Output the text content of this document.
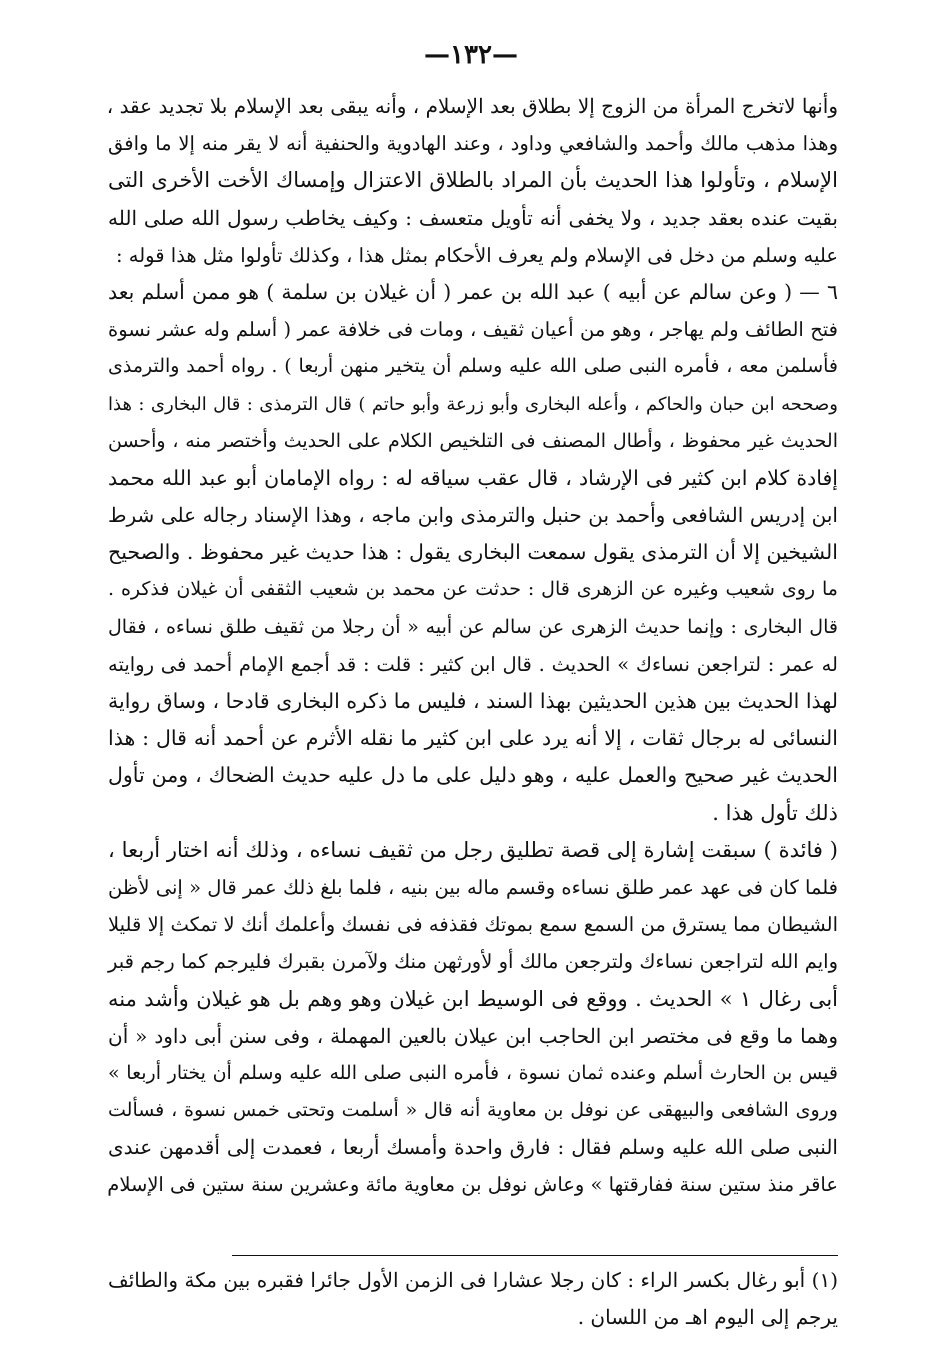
—١٣٢—
وأنها لاتخرج المرأة من الزوج إلا بطلاق بعد الإسلام ، وأنه يبقى بعد الإسلام بلا تجديد عقد ،
وهذا مذهب مالك وأحمد والشافعي وداود ، وعند الهادوية والحنفية أنه لا يقر منه إلا ما وافق
الإسلام ، وتأولوا هذا الحديث بأن المراد بالطلاق الاعتزال وإمساك الأخت الأخرى التى
بقيت عنده بعقد جديد ، ولا يخفى أنه تأويل متعسف : وكيف يخاطب رسول الله صلى الله
عليه وسلم من دخل فى الإسلام ولم يعرف الأحكام بمثل هذا ، وكذلك تأولوا مثل هذا قوله :
٦ — ( وعن سالم عن أبيه ) عبد الله بن عمر ( أن غيلان بن سلمة ) هو ممن أسلم بعد
فتح الطائف ولم يهاجر ، وهو من أعيان ثقيف ، ومات فى خلافة عمر ( أسلم وله عشر نسوة
فأسلمن معه ، فأمره النبى صلى الله عليه وسلم أن يتخير منهن أربعا ) . رواه أحمد والترمذى
وصححه ابن حبان والحاكم ، وأعله البخارى وأبو زرعة وأبو حاتم ) قال الترمذى : قال البخارى : هذا
الحديث غير محفوظ ، وأطال المصنف فى التلخيص الكلام على الحديث وأختصر منه ، وأحسن
إفادة كلام ابن كثير فى الإرشاد ، قال عقب سياقه له : رواه الإمامان أبو عبد الله محمد
ابن إدريس الشافعى وأحمد بن حنبل والترمذى وابن ماجه ، وهذا الإسناد رجاله على شرط
الشيخين إلا أن الترمذى يقول سمعت البخارى يقول : هذا حديث غير محفوظ . والصحيح
ما روى شعيب وغيره عن الزهرى قال : حدثت عن محمد بن شعيب الثقفى أن غيلان فذكره .
قال البخارى : وإنما حديث الزهرى عن سالم عن أبيه « أن رجلا من ثقيف طلق نساءه ، فقال
له عمر : لتراجعن نساءك » الحديث . قال ابن كثير : قلت : قد أجمع الإمام أحمد فى روايته
لهذا الحديث بين هذين الحديثين بهذا السند ، فليس ما ذكره البخارى قادحا ، وساق رواية
النسائى له برجال ثقات ، إلا أنه يرد على ابن كثير ما نقله الأثرم عن أحمد أنه قال : هذا
الحديث غير صحيح والعمل عليه ، وهو دليل على ما دل عليه حديث الضحاك ، ومن تأول
ذلك تأول هذا .
( فائدة ) سبقت إشارة إلى قصة تطليق رجل من ثقيف نساءه ، وذلك أنه اختار أربعا ،
فلما كان فى عهد عمر طلق نساءه وقسم ماله بين بنيه ، فلما بلغ ذلك عمر قال « إنى لأظن
الشيطان مما يسترق من السمع سمع بموتك فقذفه فى نفسك وأعلمك أنك لا تمكث إلا قليلا
وايم الله لتراجعن نساءك ولترجعن مالك أو لأورثهن منك ولآمرن بقبرك فليرجم كما رجم قبر
أبى رغال ١ » الحديث . ووقع فى الوسيط ابن غيلان وهو وهم بل هو غيلان وأشد منه
وهما ما وقع فى مختصر ابن الحاجب ابن عيلان بالعين المهملة ، وفى سنن أبى داود « أن
قيس بن الحارث أسلم وعنده ثمان نسوة ، فأمره النبى صلى الله عليه وسلم أن يختار أربعا »
وروى الشافعى والبيهقى عن نوفل بن معاوية أنه قال « أسلمت وتحتى خمس نسوة ، فسألت
النبى صلى الله عليه وسلم فقال : فارق واحدة وأمسك أربعا ، فعمدت إلى أقدمهن عندى
عاقر منذ ستين سنة ففارقتها » وعاش نوفل بن معاوية مائة وعشرين سنة ستين فى الإسلام
(١) أبو رغال بكسر الراء : كان رجلا عشارا فى الزمن الأول جائرا فقبره بين مكة والطائف
يرجم إلى اليوم اهـ من اللسان .
